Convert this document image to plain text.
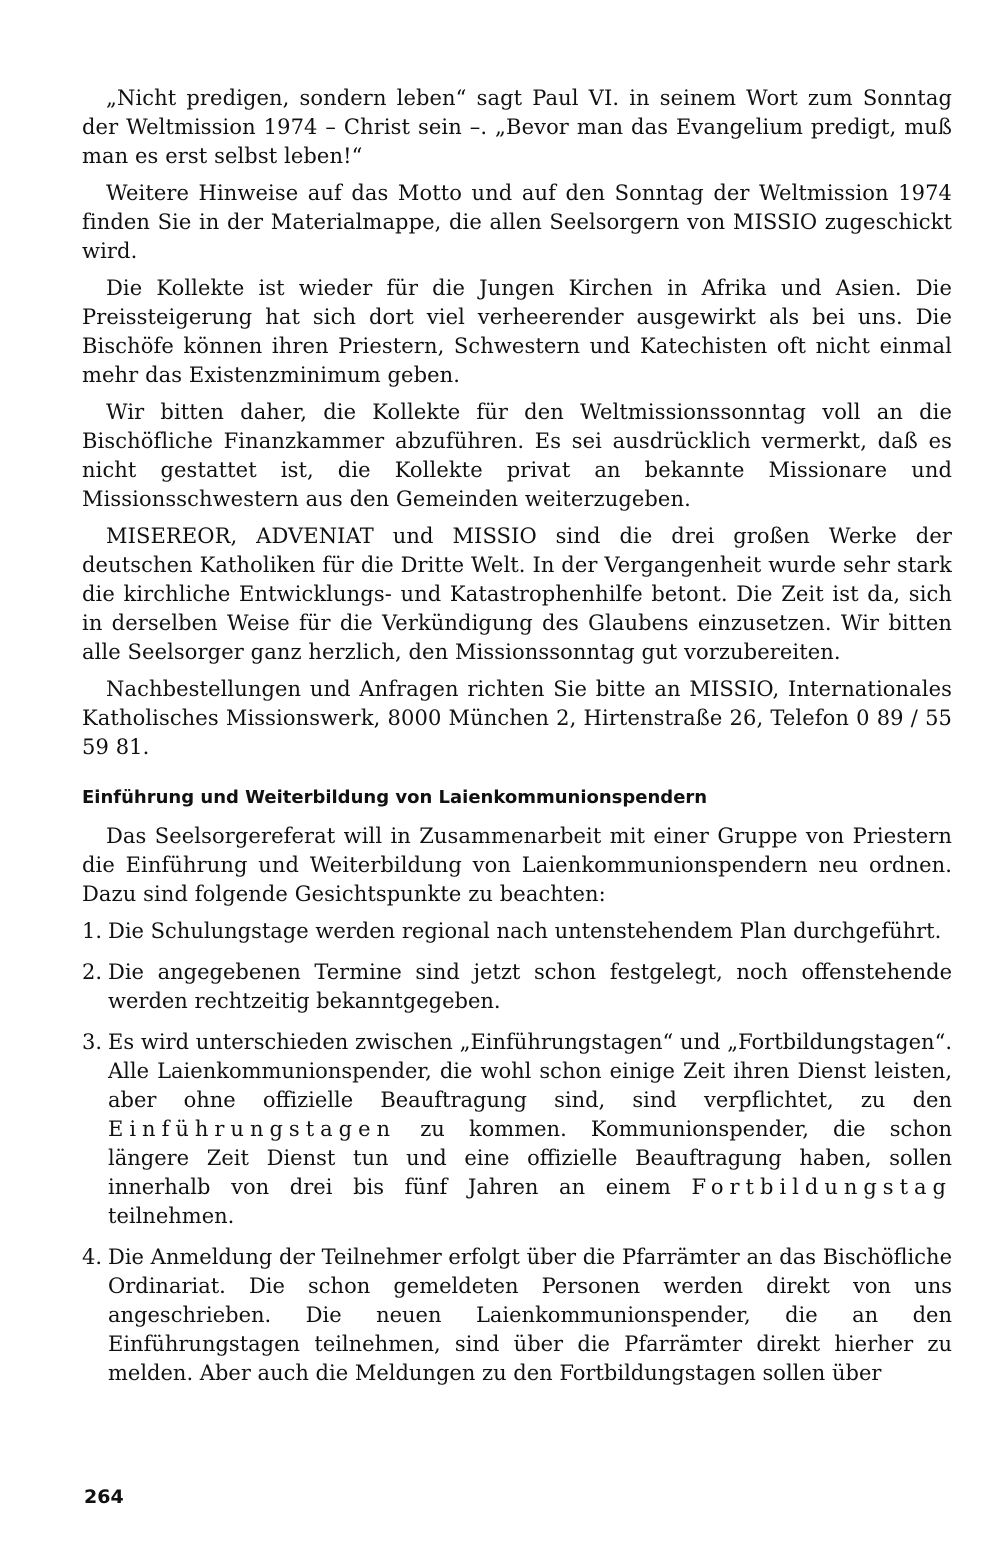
„Nicht predigen, sondern leben“ sagt Paul VI. in seinem Wort zum Sonntag der Weltmission 1974 – Christ sein –. „Bevor man das Evangelium predigt, muß man es erst selbst leben!“

Weitere Hinweise auf das Motto und auf den Sonntag der Weltmission 1974 finden Sie in der Materialmappe, die allen Seelsorgern von MISSIO zugeschickt wird.

Die Kollekte ist wieder für die Jungen Kirchen in Afrika und Asien. Die Preissteigerung hat sich dort viel verheerender ausgewirkt als bei uns. Die Bischöfe können ihren Priestern, Schwestern und Katechisten oft nicht einmal mehr das Existenzminimum geben.

Wir bitten daher, die Kollekte für den Weltmissionssonntag voll an die Bischöfliche Finanzkammer abzuführen. Es sei ausdrücklich vermerkt, daß es nicht gestattet ist, die Kollekte privat an bekannte Missionare und Missionsschwestern aus den Gemeinden weiterzugeben.

MISEREOR, ADVENIAT und MISSIO sind die drei großen Werke der deutschen Katholiken für die Dritte Welt. In der Vergangenheit wurde sehr stark die kirchliche Entwicklungs- und Katastrophenhilfe betont. Die Zeit ist da, sich in derselben Weise für die Verkündigung des Glaubens einzusetzen. Wir bitten alle Seelsorger ganz herzlich, den Missionssonntag gut vorzubereiten.

Nachbestellungen und Anfragen richten Sie bitte an MISSIO, Internationales Katholisches Missionswerk, 8000 München 2, Hirtenstraße 26, Telefon 0 89 / 55 59 81.

Einführung und Weiterbildung von Laienkommunionspendern

Das Seelsorgereferat will in Zusammenarbeit mit einer Gruppe von Priestern die Einführung und Weiterbildung von Laienkommunionspendern neu ordnen. Dazu sind folgende Gesichtspunkte zu beachten:

1. Die Schulungstage werden regional nach untenstehendem Plan durchgeführt.
2. Die angegebenen Termine sind jetzt schon festgelegt, noch offenstehende werden rechtzeitig bekanntgegeben.
3. Es wird unterschieden zwischen „Einführungstagen“ und „Fortbildungstagen“. Alle Laienkommunionspender, die wohl schon einige Zeit ihren Dienst leisten, aber ohne offizielle Beauftragung sind, sind verpflichtet, zu den Einführungstagen zu kommen. Kommunionspender, die schon längere Zeit Dienst tun und eine offizielle Beauftragung haben, sollen innerhalb von drei bis fünf Jahren an einem Fortbildungstag teilnehmen.
4. Die Anmeldung der Teilnehmer erfolgt über die Pfarrämter an das Bischöfliche Ordinariat. Die schon gemeldeten Personen werden direkt von uns angeschrieben. Die neuen Laienkommunionspender, die an den Einführungstagen teilnehmen, sind über die Pfarrämter direkt hierher zu melden. Aber auch die Meldungen zu den Fortbildungstagen sollen über
264
